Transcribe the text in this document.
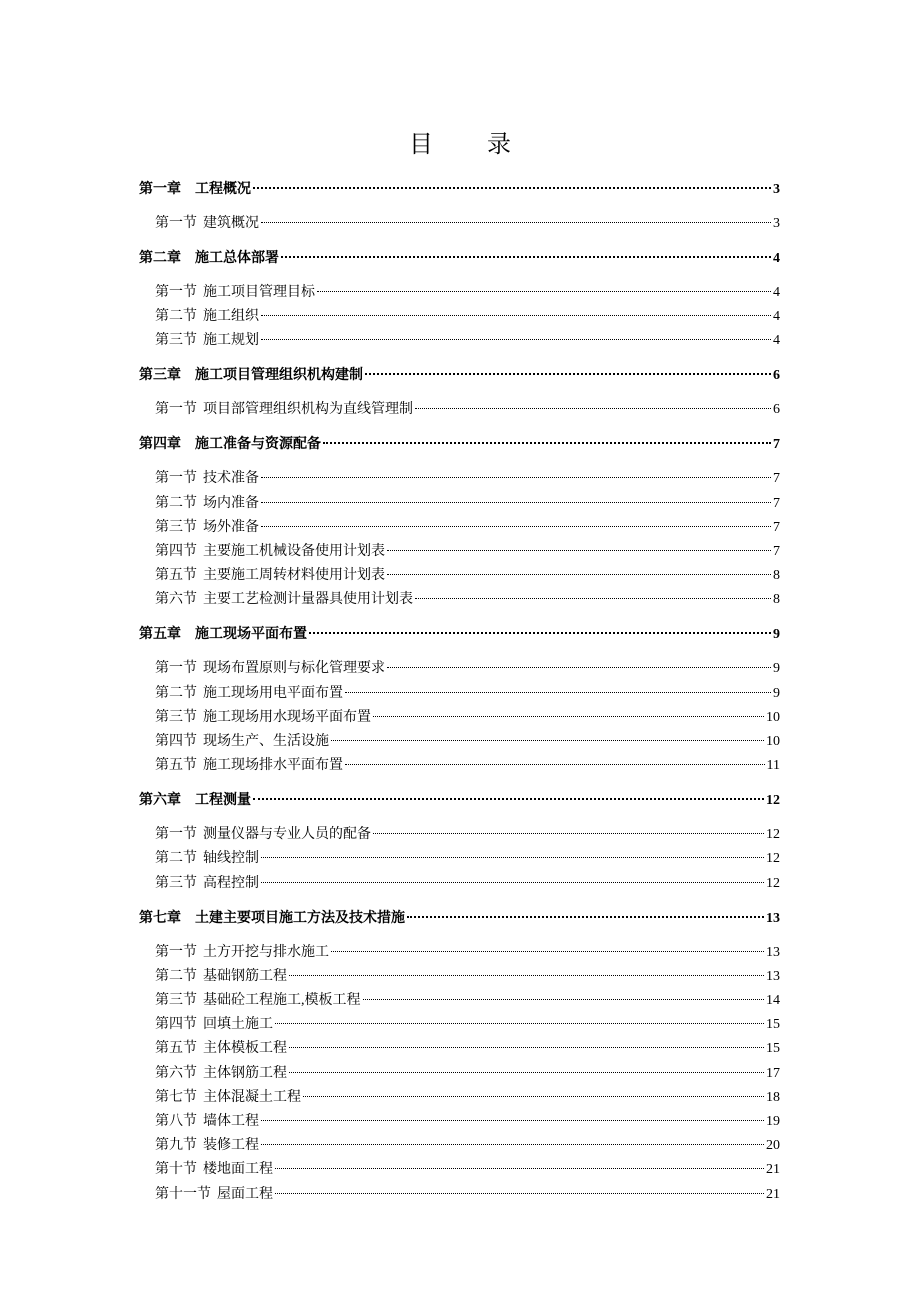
目 录
第一章 工程概况	3
第一节 建筑概况	3
第二章 施工总体部署	4
第一节 施工项目管理目标	4
第二节 施工组织	4
第三节 施工规划	4
第三章 施工项目管理组织机构建制	6
第一节 项目部管理组织机构为直线管理制	6
第四章 施工准备与资源配备	7
第一节 技术准备	7
第二节 场内准备	7
第三节 场外准备	7
第四节 主要施工机械设备使用计划表	7
第五节 主要施工周转材料使用计划表	8
第六节 主要工艺检测计量器具使用计划表	8
第五章 施工现场平面布置	9
第一节 现场布置原则与标化管理要求	9
第二节 施工现场用电平面布置	9
第三节 施工现场用水现场平面布置	10
第四节 现场生产、生活设施	10
第五节 施工现场排水平面布置	11
第六章 工程测量	12
第一节 测量仪器与专业人员的配备	12
第二节 轴线控制	12
第三节 高程控制	12
第七章 土建主要项目施工方法及技术措施	13
第一节 土方开挖与排水施工	13
第二节 基础钢筋工程	13
第三节 基础砼工程施工,模板工程	14
第四节 回填土施工	15
第五节 主体模板工程	15
第六节 主体钢筋工程	17
第七节 主体混凝土工程	18
第八节 墙体工程	19
第九节 装修工程	20
第十节 楼地面工程	21
第十一节 屋面工程	21
